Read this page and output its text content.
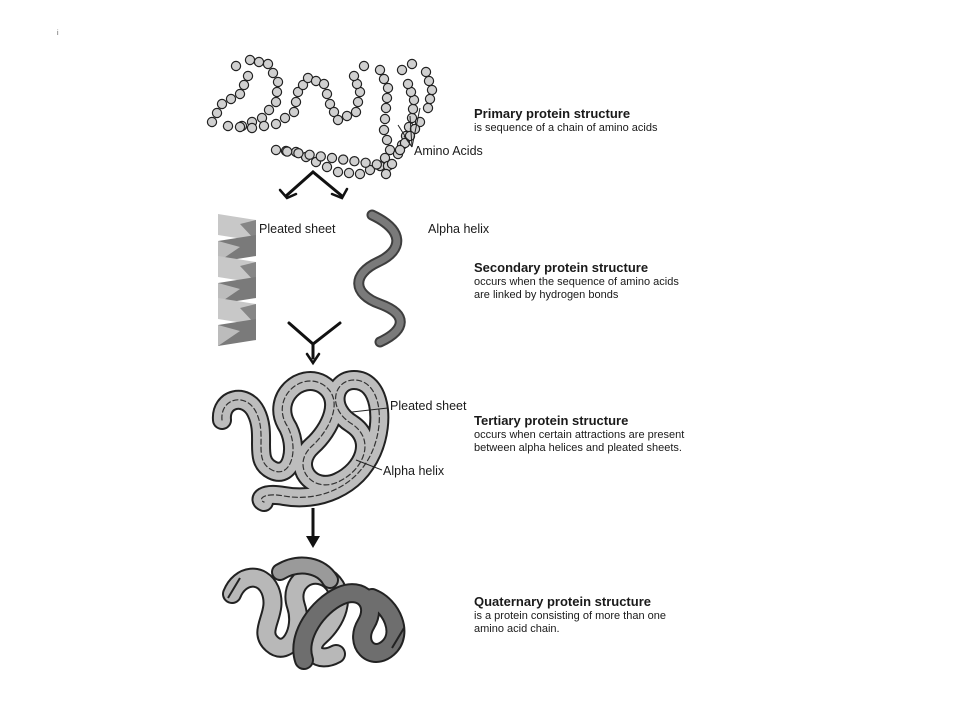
i
Amino Acids
Pleated sheet	Alpha helix
Pleated sheet
Alpha helix
Primary protein structure
is sequence of a chain of amino acids
Secondary protein structure
occurs when the sequence of amino acids
are linked by hydrogen bonds
Tertiary protein structure
occurs when certain attractions are present
between alpha helices and pleated sheets.
Quaternary protein structure
is a protein consisting of more than one
amino acid chain.
